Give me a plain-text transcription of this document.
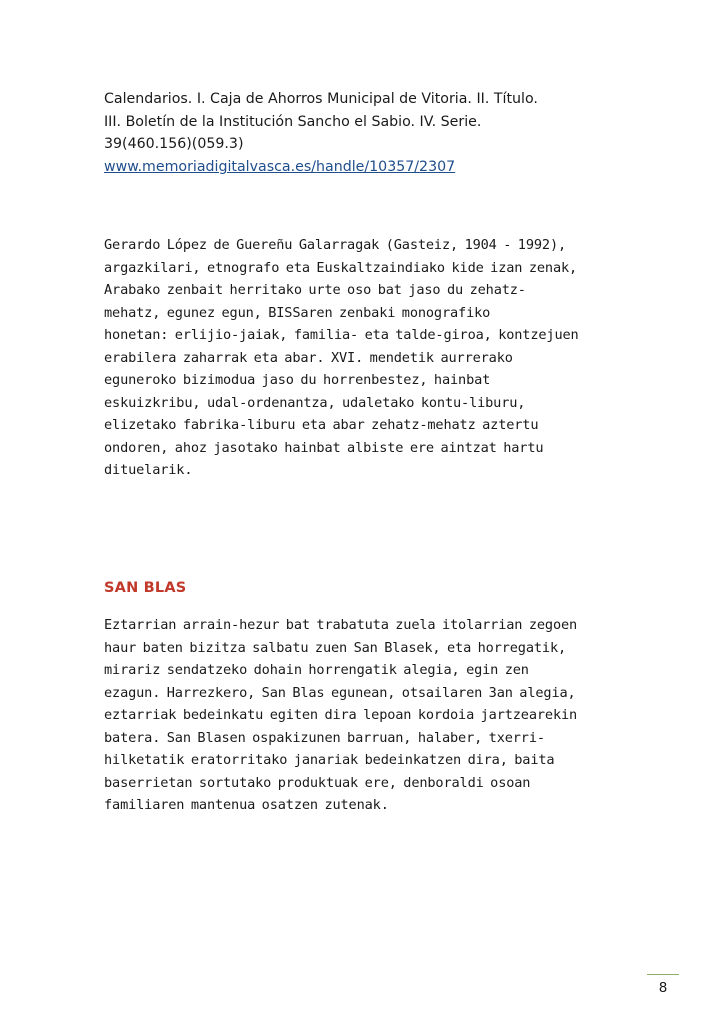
Calendarios. I. Caja de Ahorros Municipal de Vitoria. II. Título.

III. Boletín de la Institución Sancho el Sabio. IV. Serie.

39(460.156)(059.3)

www.memoriadigitalvasca.es/handle/10357/2307

Gerardo López de Guereñu Galarragak (Gasteiz, 1904 - 1992),
argazkilari, etnografo eta Euskaltzaindiako kide izan zenak,
Arabako zenbait herritako urte oso bat jaso du zehatz-
mehatz, egunez egun, BISSaren zenbaki monografiko
honetan: erlijio-jaiak, familia- eta talde-giroa, kontzejuen
erabilera zaharrak eta abar. XVI. mendetik aurrerako
eguneroko bizimodua jaso du horrenbestez, hainbat
eskuizkribu, udal-ordenantza, udaletako kontu-liburu,
elizetako fabrika-liburu eta abar zehatz-mehatz aztertu
ondoren, ahoz jasotako hainbat albiste ere aintzat hartu
dituelarik.

SAN BLAS

Eztarrian arrain-hezur bat trabatuta zuela itolarrian zegoen
haur baten bizitza salbatu zuen San Blasek, eta horregatik,
mirariz sendatzeko dohain horrengatik alegia, egin zen
ezagun. Harrezkero, San Blas egunean, otsailaren 3an alegia,
eztarriak bedeinkatu egiten dira lepoan kordoia jartzearekin
batera. San Blasen ospakizunen barruan, halaber, txerri-
hilketatik eratorritako janariak bedeinkatzen dira, baita
baserrietan sortutako produktuak ere, denboraldi osoan
familiaren mantenua osatzen zutenak.

8
